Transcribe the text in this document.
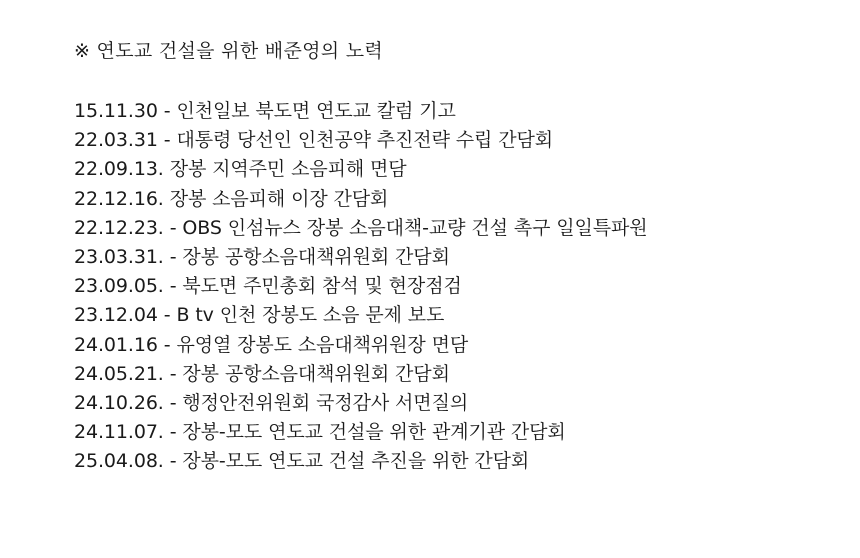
※ 연도교 건설을 위한 배준영의 노력
15.11.30 - 인천일보 북도면 연도교 칼럼 기고
22.03.31 - 대통령 당선인 인천공약 추진전략 수립 간담회
22.09.13. 장봉 지역주민 소음피해 면담
22.12.16. 장봉 소음피해 이장 간담회
22.12.23. - OBS 인섬뉴스 장봉 소음대책-교량 건설 촉구 일일특파원
23.03.31. - 장봉 공항소음대책위원회 간담회
23.09.05. - 북도면 주민총회 참석 및 현장점검
23.12.04 - B tv 인천 장봉도 소음 문제 보도
24.01.16 - 유영열 장봉도 소음대책위원장 면담
24.05.21. - 장봉 공항소음대책위원회 간담회
24.10.26. - 행정안전위원회 국정감사 서면질의
24.11.07. - 장봉-모도 연도교 건설을 위한 관계기관 간담회
25.04.08. - 장봉-모도 연도교 건설 추진을 위한 간담회
